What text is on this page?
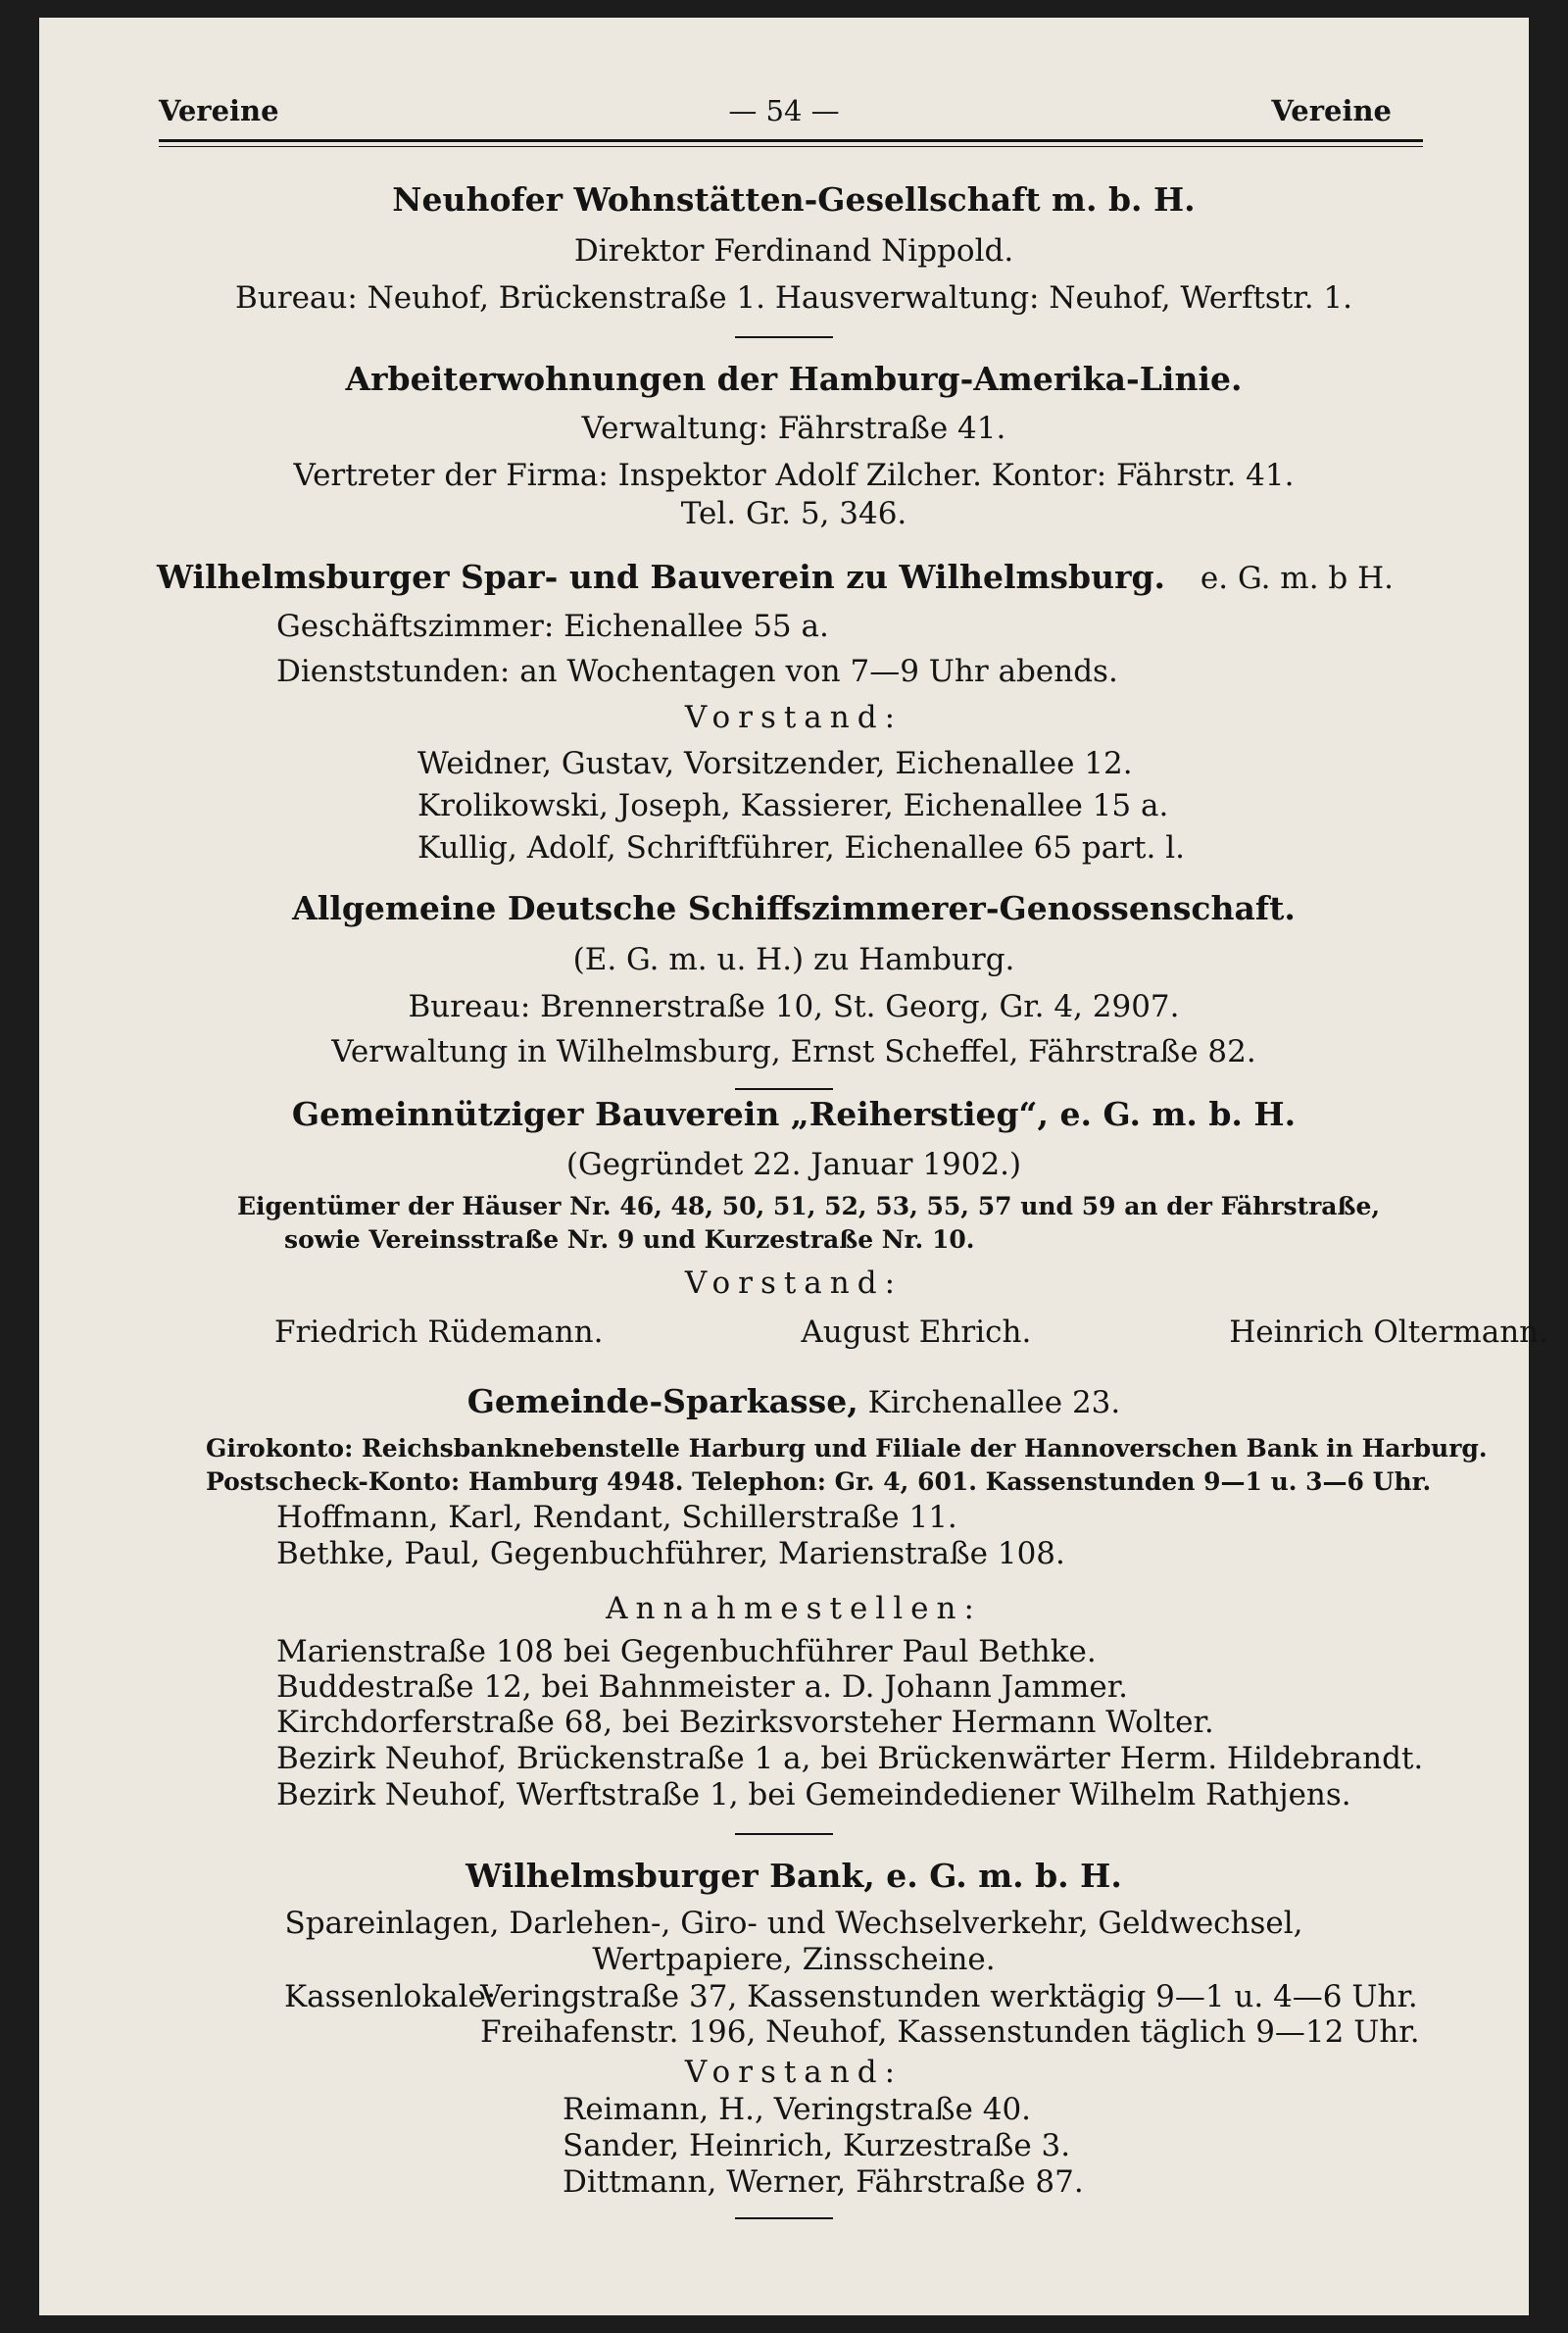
— 54 —
Vereine	Vereine
Neuhofer Wohnstätten-Gesellschaft m. b. H.
Direktor Ferdinand Nippold.
Bureau: Neuhof, Brückenstraße 1. Hausverwaltung: Neuhof, Werftstr. 1.
Arbeiterwohnungen der Hamburg-Amerika-Linie.
Verwaltung: Fährstraße 41.
Vertreter der Firma: Inspektor Adolf Zilcher. Kontor: Fährstr. 41.
Tel. Gr. 5, 346.
Wilhelmsburger Spar- und Bauverein zu Wilhelmsburg. e. G. m. b H.
Geschäftszimmer: Eichenallee 55 a.
Dienststunden: an Wochentagen von 7—9 Uhr abends.
Vorstand:
Weidner, Gustav, Vorsitzender, Eichenallee 12.
Krolikowski, Joseph, Kassierer, Eichenallee 15 a.
Kullig, Adolf, Schriftführer, Eichenallee 65 part. l.
Allgemeine Deutsche Schiffszimmerer-Genossenschaft.
(E. G. m. u. H.) zu Hamburg.
Bureau: Brennerstraße 10, St. Georg, Gr. 4, 2907.
Verwaltung in Wilhelmsburg, Ernst Scheffel, Fährstraße 82.
Gemeinnütziger Bauverein „Reiherstieg“, e. G. m. b. H.
(Gegründet 22. Januar 1902.)
Eigentümer der Häuser Nr. 46, 48, 50, 51, 52, 53, 55, 57 und 59 an der Fährstraße,
sowie Vereinsstraße Nr. 9 und Kurzestraße Nr. 10.
Vorstand:
Friedrich Rüdemann.	August Ehrich.	Heinrich Oltermann.
Gemeinde-Sparkasse, Kirchenallee 23.
Girokonto: Reichsbanknebenstelle Harburg und Filiale der Hannoverschen Bank in Harburg.
Postscheck-Konto: Hamburg 4948. Telephon: Gr. 4, 601. Kassenstunden 9—1 u. 3—6 Uhr.
Hoffmann, Karl, Rendant, Schillerstraße 11.
Bethke, Paul, Gegenbuchführer, Marienstraße 108.
Annahmestellen:
Marienstraße 108 bei Gegenbuchführer Paul Bethke.
Buddestraße 12, bei Bahnmeister a. D. Johann Jammer.
Kirchdorferstraße 68, bei Bezirksvorsteher Hermann Wolter.
Bezirk Neuhof, Brückenstraße 1 a, bei Brückenwärter Herm. Hildebrandt.
Bezirk Neuhof, Werftstraße 1, bei Gemeindediener Wilhelm Rathjens.
Wilhelmsburger Bank, e. G. m. b. H.
Spareinlagen, Darlehen-, Giro- und Wechselverkehr, Geldwechsel,
Wertpapiere, Zinsscheine.
Kassenlokale:
Veringstraße 37, Kassenstunden werktägig 9—1 u. 4—6 Uhr.
Freihafenstr. 196, Neuhof, Kassenstunden täglich 9—12 Uhr.
Vorstand:
Reimann, H., Veringstraße 40.
Sander, Heinrich, Kurzestraße 3.
Dittmann, Werner, Fährstraße 87.
